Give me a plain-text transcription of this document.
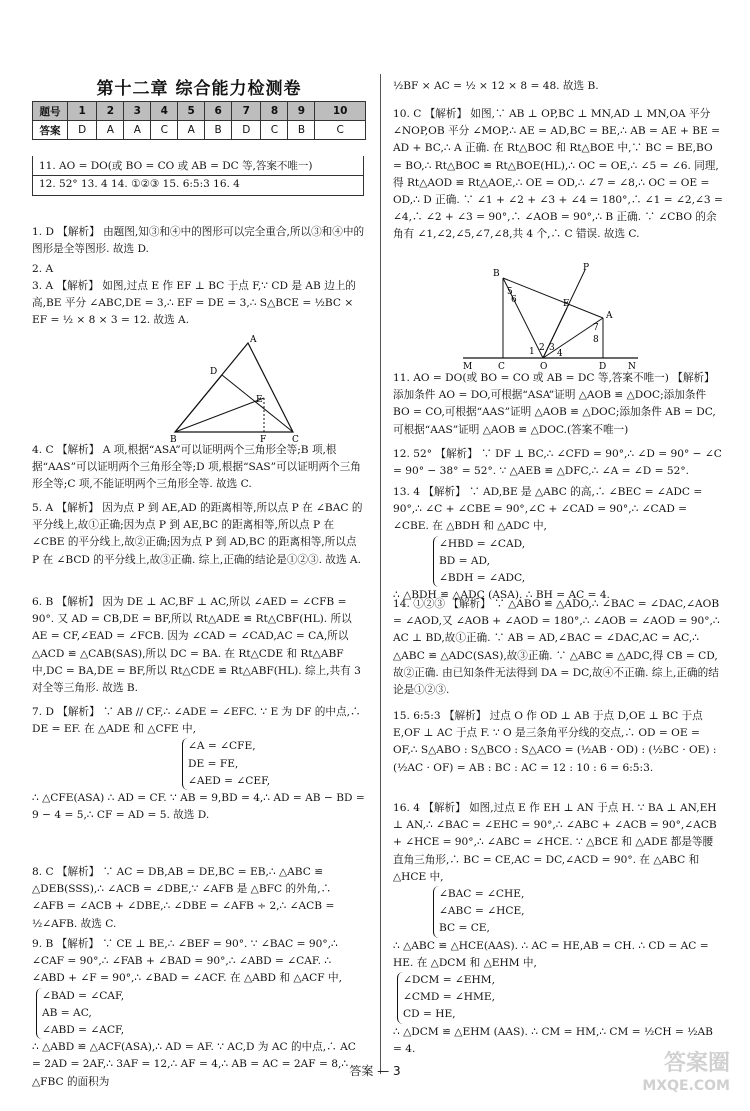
第十二章 综合能力检测卷
题号	1	2	3	4	5	6	7	8	9	10
答案	D	A	A	C	A	B	D	C	B	C
11. AO = DO(或 BO = CO 或 AB = DC 等,答案不唯一)
12. 52° 13. 4 14. ①②③ 15. 6:5:3 16. 4
1. D 【解析】 由题图,知③和④中的图形可以完全重合,所以③和④中的图形是全等图形. 故选 D.
2. A
3. A 【解析】 如图,过点 E 作 EF ⊥ BC 于点 F,∵ CD 是 AB 边上的高,BE 平分 ∠ABC,DE = 3,∴ EF = DE = 3,∴ S△BCE = ½BC × EF = ½ × 8 × 3 = 12. 故选 A.
A
D
E
B	F	C
4. C 【解析】 A 项,根据“ASA”可以证明两个三角形全等;B 项,根据“AAS”可以证明两个三角形全等;D 项,根据“SAS”可以证明两个三角形全等;C 项,不能证明两个三角形全等. 故选 C.
5. A 【解析】 因为点 P 到 AE,AD 的距离相等,所以点 P 在 ∠BAC 的平分线上,故①正确;因为点 P 到 AE,BC 的距离相等,所以点 P 在 ∠CBE 的平分线上,故②正确;因为点 P 到 AD,BC 的距离相等,所以点 P 在 ∠BCD 的平分线上,故③正确. 综上,正确的结论是①②③. 故选 A.
6. B 【解析】 因为 DE ⊥ AC,BF ⊥ AC,所以 ∠AED = ∠CFB = 90°. 又 AD = CB,DE = BF,所以 Rt△ADE ≌ Rt△CBF(HL). 所以 AE = CF,∠EAD = ∠FCB. 因为 ∠CAD = ∠CAD,AC = CA,所以 △ACD ≌ △CAB(SAS),所以 DC = BA. 在 Rt△CDE 和 Rt△ABF 中,DC = BA,DE = BF,所以 Rt△CDE ≌ Rt△ABF(HL). 综上,共有 3 对全等三角形. 故选 B.
7. D 【解析】 ∵ AB // CF,∴ ∠ADE = ∠EFC. ∵ E 为 DF 的中点,∴ DE = EF. 在 △ADE 和 △CFE 中,
∠A = ∠CFE,
DE = FE,
∠AED = ∠CEF,
∴ △CFE(ASA) ∴ AD = CF. ∵ AB = 9,BD = 4,∴ AD = AB − BD = 9 − 4 = 5,∴ CF = AD = 5. 故选 D.
8. C 【解析】 ∵ AC = DB,AB = DE,BC = EB,∴ △ABC ≌ △DEB(SSS),∴ ∠ACB = ∠DBE,∵ ∠AFB 是 △BFC 的外角,∴ ∠AFB = ∠ACB + ∠DBE,∴ ∠DBE = ∠AFB ÷ 2,∴ ∠ACB = ½∠AFB. 故选 C.
9. B 【解析】 ∵ CE ⊥ BE,∴ ∠BEF = 90°. ∵ ∠BAC = 90°,∴ ∠CAF = 90°,∴ ∠FAB + ∠BAD = 90°,∴ ∠ABD = ∠CAF. ∴ ∠ABD + ∠F = 90°,∴ ∠BAD = ∠ACF. 在 △ABD 和 △ACF 中,
∠BAD = ∠CAF,
AB = AC,
∠ABD = ∠ACF,
∴ △ABD ≌ △ACF(ASA),∴ AD = AF. ∵ AC,D 为 AC 的中点,∴ AC = 2AD = 2AF,∴ 3AF = 12,∴ AF = 4,∴ AB = AC = 2AF = 8,∴ △FBC 的面积为
½BF × AC = ½ × 12 × 8 = 48. 故选 B.
10. C 【解析】 如图,∵ AB ⊥ OP,BC ⊥ MN,AD ⊥ MN,OA 平分 ∠NOP,OB 平分 ∠MOP,∴ AE = AD,BC = BE,∴ AB = AE + BE = AD + BC,∴ A 正确. 在 Rt△BOC 和 Rt△BOE 中,∵ BC = BE,BO = BO,∴ Rt△BOC ≌ Rt△BOE(HL),∴ OC = OE,∴ ∠5 = ∠6. 同理,得 Rt△AOD ≌ Rt△AOE,∴ OE = OD,∴ ∠7 = ∠8,∴ OC = OE = OD,∴ D 正确. ∵ ∠1 + ∠2 + ∠3 + ∠4 = 180°,∴ ∠1 = ∠2,∠3 = ∠4,∴ ∠2 + ∠3 = 90°,∴ ∠AOB = 90°,∴ B 正确. ∵ ∠CBO 的余角有 ∠1,∠2,∠5,∠7,∠8,共 4 个,∴ C 错误. 故选 C.
B
A
P
E
M	C	O	D N
5
6
7
8
1 2 3
4
11. AO = DO(或 BO = CO 或 AB = DC 等,答案不唯一) 【解析】 添加条件 AO = DO,可根据“ASA”证明 △AOB ≌ △DOC;添加条件 BO = CO,可根据“AAS”证明 △AOB ≌ △DOC;添加条件 AB = DC,可根据“AAS”证明 △AOB ≌ △DOC.(答案不唯一)
12. 52° 【解析】 ∵ DF ⊥ BC,∴ ∠CFD = 90°,∴ ∠D = 90° − ∠C = 90° − 38° = 52°. ∵ △AEB ≌ △DFC,∴ ∠A = ∠D = 52°.
13. 4 【解析】 ∵ AD,BE 是 △ABC 的高,∴ ∠BEC = ∠ADC = 90°,∴ ∠C + ∠CBE = 90°,∠C + ∠CAD = 90°,∴ ∠CAD = ∠CBE. 在 △BDH 和 △ADC 中,
∠HBD = ∠CAD,
BD = AD,
∠BDH = ∠ADC,
∴ △BDH ≌ △ADC (ASA). ∴ BH = AC = 4.
14. ①②③ 【解析】 ∵ △ABO ≌ △ADO,∴ ∠BAC = ∠DAC,∠AOB = ∠AOD,又 ∠AOB + ∠AOD = 180°,∴ ∠AOB = ∠AOD = 90°,∴ AC ⊥ BD,故①正确. ∵ AB = AD,∠BAC = ∠DAC,AC = AC,∴ △ABC ≌ △ADC(SAS),故③正确. ∵ △ABC ≌ △ADC,得 CB = CD,故②正确. 由已知条件无法得到 DA = DC,故④不正确. 综上,正确的结论是①②③.
15. 6:5:3 【解析】 过点 O 作 OD ⊥ AB 于点 D,OE ⊥ BC 于点 E,OF ⊥ AC 于点 F. ∵ O 是三条角平分线的交点,∴ OD = OE = OF,∴ S△ABO : S△BCO : S△ACO = (½AB · OD) : (½BC · OE) : (½AC · OF) = AB : BC : AC = 12 : 10 : 6 = 6:5:3.
16. 4 【解析】 如图,过点 E 作 EH ⊥ AN 于点 H. ∵ BA ⊥ AN,EH ⊥ AN,∴ ∠BAC = ∠EHC = 90°,∴ ∠ABC + ∠ACB = 90°,∠ACB + ∠HCE = 90°,∴ ∠ABC = ∠HCE. ∵ △BCE 和 △ADE 都是等腰直角三角形,∴ BC = CE,AC = DC,∠ACD = 90°. 在 △ABC 和 △HCE 中,
∠BAC = ∠CHE,
∠ABC = ∠HCE,
BC = CE,
∴ △ABC ≌ △HCE(AAS). ∴ AC = HE,AB = CH. ∴ CD = AC = HE. 在 △DCM 和 △EHM 中,
∠DCM = ∠EHM,
∠CMD = ∠HME,
CD = HE,
∴ △DCM ≌ △EHM (AAS). ∴ CM = HM,∴ CM = ½CH = ½AB = 4.
答案 — 3	答案圈
MXQE.COM
